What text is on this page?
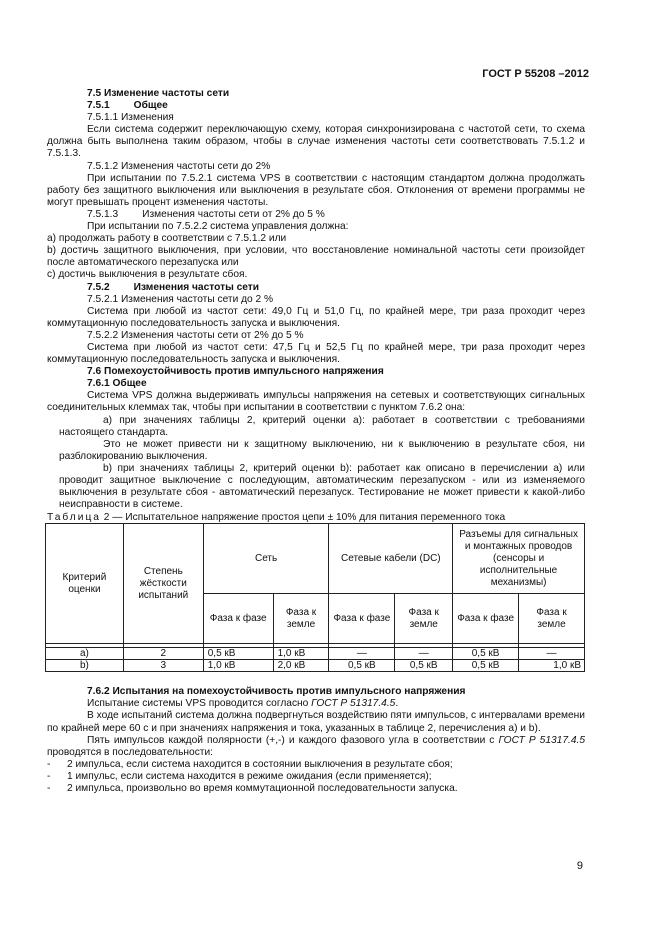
ГОСТ Р 55208 –2012

7.5 Изменение частоты сети

7.5.1 Общее

7.5.1.1 Изменения

Если система содержит переключающую схему, которая синхронизирована с частотой сети, то схема должна быть выполнена таким образом, чтобы в случае изменения частоты сети соответствовать 7.5.1.2 и 7.5.1.3.

7.5.1.2 Изменения частоты сети до 2%

При испытании по 7.5.2.1 система VPS в соответствии с настоящим стандартом должна продолжать работу без защитного выключения или выключения в результате сбоя. Отклонения от времени программы не могут превышать процент изменения частоты.

7.5.1.3 Изменения частоты сети от 2% до 5 %

При испытании по 7.5.2.2 система управления должна:

a) продолжать работу в соответствии с 7.5.1.2 или

b) достичь защитного выключения, при условии, что восстановление номинальной частоты сети произойдет после автоматического перезапуска или

c) достичь выключения в результате сбоя.

7.5.2 Изменения частоты сети

7.5.2.1 Изменения частоты сети до 2 %

Система при любой из частот сети: 49,0 Гц и 51,0 Гц, по крайней мере, три раза проходит через коммутационную последовательность запуска и выключения.

7.5.2.2 Изменения частоты сети от 2% до 5 %

Система при любой из частот сети: 47,5 Гц и 52,5 Гц по крайней мере, три раза проходит через коммутационную последовательность запуска и выключения.

7.6 Помехоустойчивость против импульсного напряжения

7.6.1 Общее

Система VPS должна выдерживать импульсы напряжения на сетевых и соответствующих сигнальных соединительных клеммах так, чтобы при испытании в соответствии с пунктом 7.6.2 она:

а) при значениях таблицы 2, критерий оценки а): работает в соответствии с требованиями настоящего стандарта.

Это не может привести ни к защитному выключению, ни к выключению в результате сбоя, ни разблокированию выключения.

b) при значениях таблицы 2, критерий оценки b): работает как описано в перечислении а) или проводит защитное выключение с последующим, автоматическим перезапуском - или из изменяемого выключения в результате сбоя - автоматический перезапуск. Тестирование не может привести к какой-либо неисправности в системе.

Таблица 2 — Испытательное напряжение простоя цепи ± 10% для питания переменного тока

Критерий оценки	Степень жёсткости испытаний	Сеть		Сетевые кабели (DC)		Разъемы для сигнальных и монтажных проводов (сенсоры и исполнительные механизмы)	
		Фаза к фазе	Фаза к земле	Фаза к фазе	Фаза к земле	Фаза к фазе	Фаза к земле

a)	2	0,5 кВ	1,0 кВ	—	—	0,5 кВ	—
b)	3	1,0 кВ	2,0 кВ	0,5 кВ	0,5 кВ	0,5 кВ	1,0 кВ

7.6.2 Испытания на помехоустойчивость против импульсного напряжения

Испытание системы VPS проводится согласно ГОСТ Р 51317.4.5.

В ходе испытаний система должна подвергнуться воздействию пяти импульсов, с интервалами времени по крайней мере 60 с и при значениях напряжения и тока, указанных в таблице 2, перечисления а) и b).

Пять импульсов каждой полярности (+,-) и каждого фазового угла в соответствии с ГОСТ Р 51317.4.5 проводятся в последовательности:

- 2 импульса, если система находится в состоянии выключения в результате сбоя;

- 1 импульс, если система находится в режиме ожидания (если применяется);

- 2 импульса, произвольно во время коммутационной последовательности запуска.

9
